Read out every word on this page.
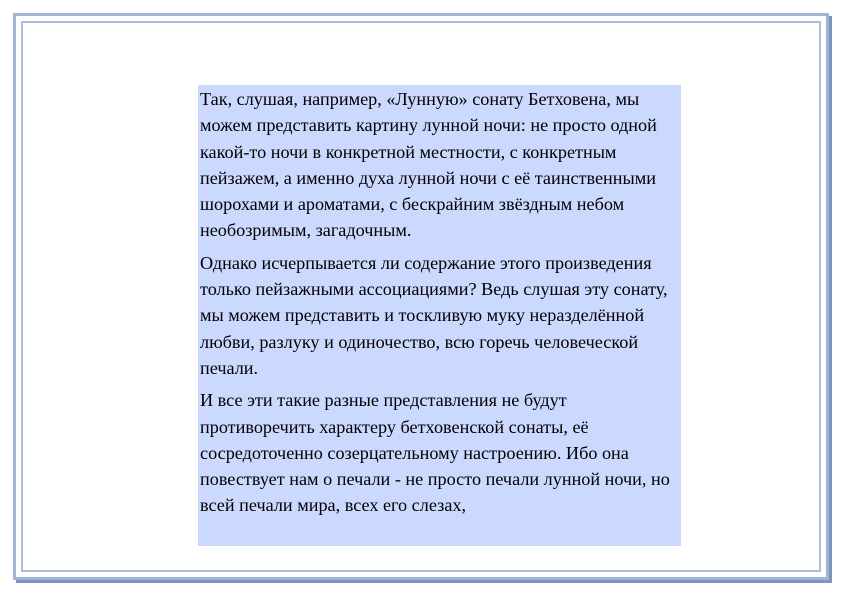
Так, слушая, например, «Лунную» сонату Бетховена, мы можем представить картину лунной ночи: не просто одной какой-то ночи в конкретной местности, с конкретным пейзажем, а именно духа лунной ночи с её таинственными шорохами и ароматами, с бескрайним звёздным небом необозримым, загадочным.

Однако исчерпывается ли содержание этого произведения только пейзажными ассоциациями? Ведь слушая эту сонату, мы можем представить и тоскливую муку неразделённой любви, разлуку и одиночество, всю горечь человеческой печали.

И все эти такие разные представления не будут противоречить характеру бетховенской сонаты, её сосредоточенно созерцательному настроению. Ибо она повествует нам о печали - не просто печали лунной ночи, но всей печали мира, всех его слезах,
